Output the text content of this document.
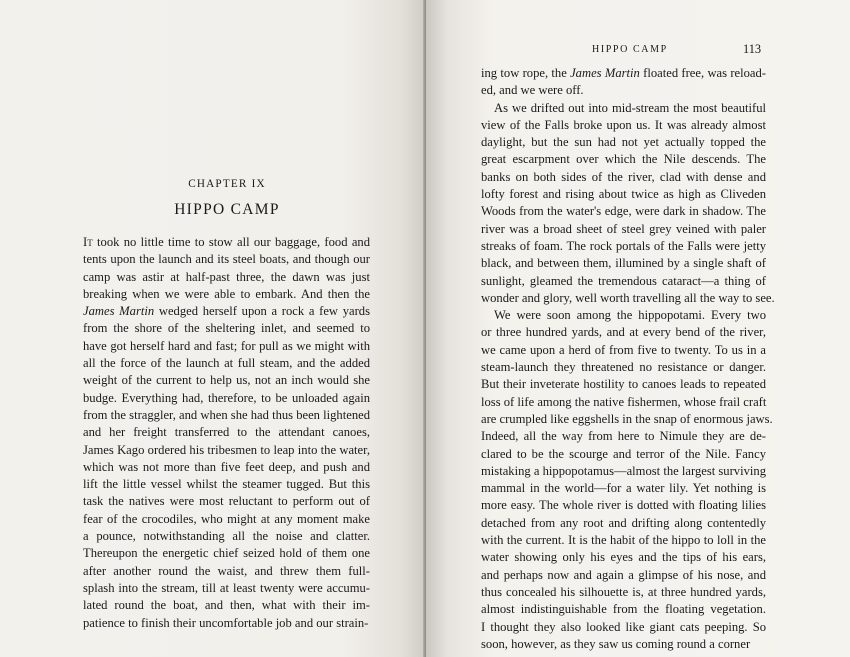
CHAPTER IX
HIPPO CAMP
It took no little time to stow all our baggage, food and
tents upon the launch and its steel boats, and though our
camp was astir at half-past three, the dawn was just
breaking when we were able to embark. And then the
James Martin wedged herself upon a rock a few yards
from the shore of the sheltering inlet, and seemed to
have got herself hard and fast; for pull as we might with
all the force of the launch at full steam, and the added
weight of the current to help us, not an inch would she
budge. Everything had, therefore, to be unloaded again
from the straggler, and when she had thus been lightened
and her freight transferred to the attendant canoes,
James Kago ordered his tribesmen to leap into the water,
which was not more than five feet deep, and push and
lift the little vessel whilst the steamer tugged. But this
task the natives were most reluctant to perform out of
fear of the crocodiles, who might at any moment make
a pounce, notwithstanding all the noise and clatter.
Thereupon the energetic chief seized hold of them one
after another round the waist, and threw them full-
splash into the stream, till at least twenty were accumu-
lated round the boat, and then, what with their im-
patience to finish their uncomfortable job and our strain-
HIPPO CAMP	113
ing tow rope, the James Martin floated free, was reload-
ed, and we were off.
As we drifted out into mid-stream the most beautiful
view of the Falls broke upon us. It was already almost
daylight, but the sun had not yet actually topped the
great escarpment over which the Nile descends. The
banks on both sides of the river, clad with dense and
lofty forest and rising about twice as high as Cliveden
Woods from the water's edge, were dark in shadow. The
river was a broad sheet of steel grey veined with paler
streaks of foam. The rock portals of the Falls were jetty
black, and between them, illumined by a single shaft of
sunlight, gleamed the tremendous cataract—a thing of
wonder and glory, well worth travelling all the way to see.
We were soon among the hippopotami. Every two
or three hundred yards, and at every bend of the river,
we came upon a herd of from five to twenty. To us in a
steam-launch they threatened no resistance or danger.
But their inveterate hostility to canoes leads to repeated
loss of life among the native fishermen, whose frail craft
are crumpled like eggshells in the snap of enormous jaws.
Indeed, all the way from here to Nimule they are de-
clared to be the scourge and terror of the Nile. Fancy
mistaking a hippopotamus—almost the largest surviving
mammal in the world—for a water lily. Yet nothing is
more easy. The whole river is dotted with floating lilies
detached from any root and drifting along contentedly
with the current. It is the habit of the hippo to loll in the
water showing only his eyes and the tips of his ears,
and perhaps now and again a glimpse of his nose, and
thus concealed his silhouette is, at three hundred yards,
almost indistinguishable from the floating vegetation.
I thought they also looked like giant cats peeping. So
soon, however, as they saw us coming round a corner
